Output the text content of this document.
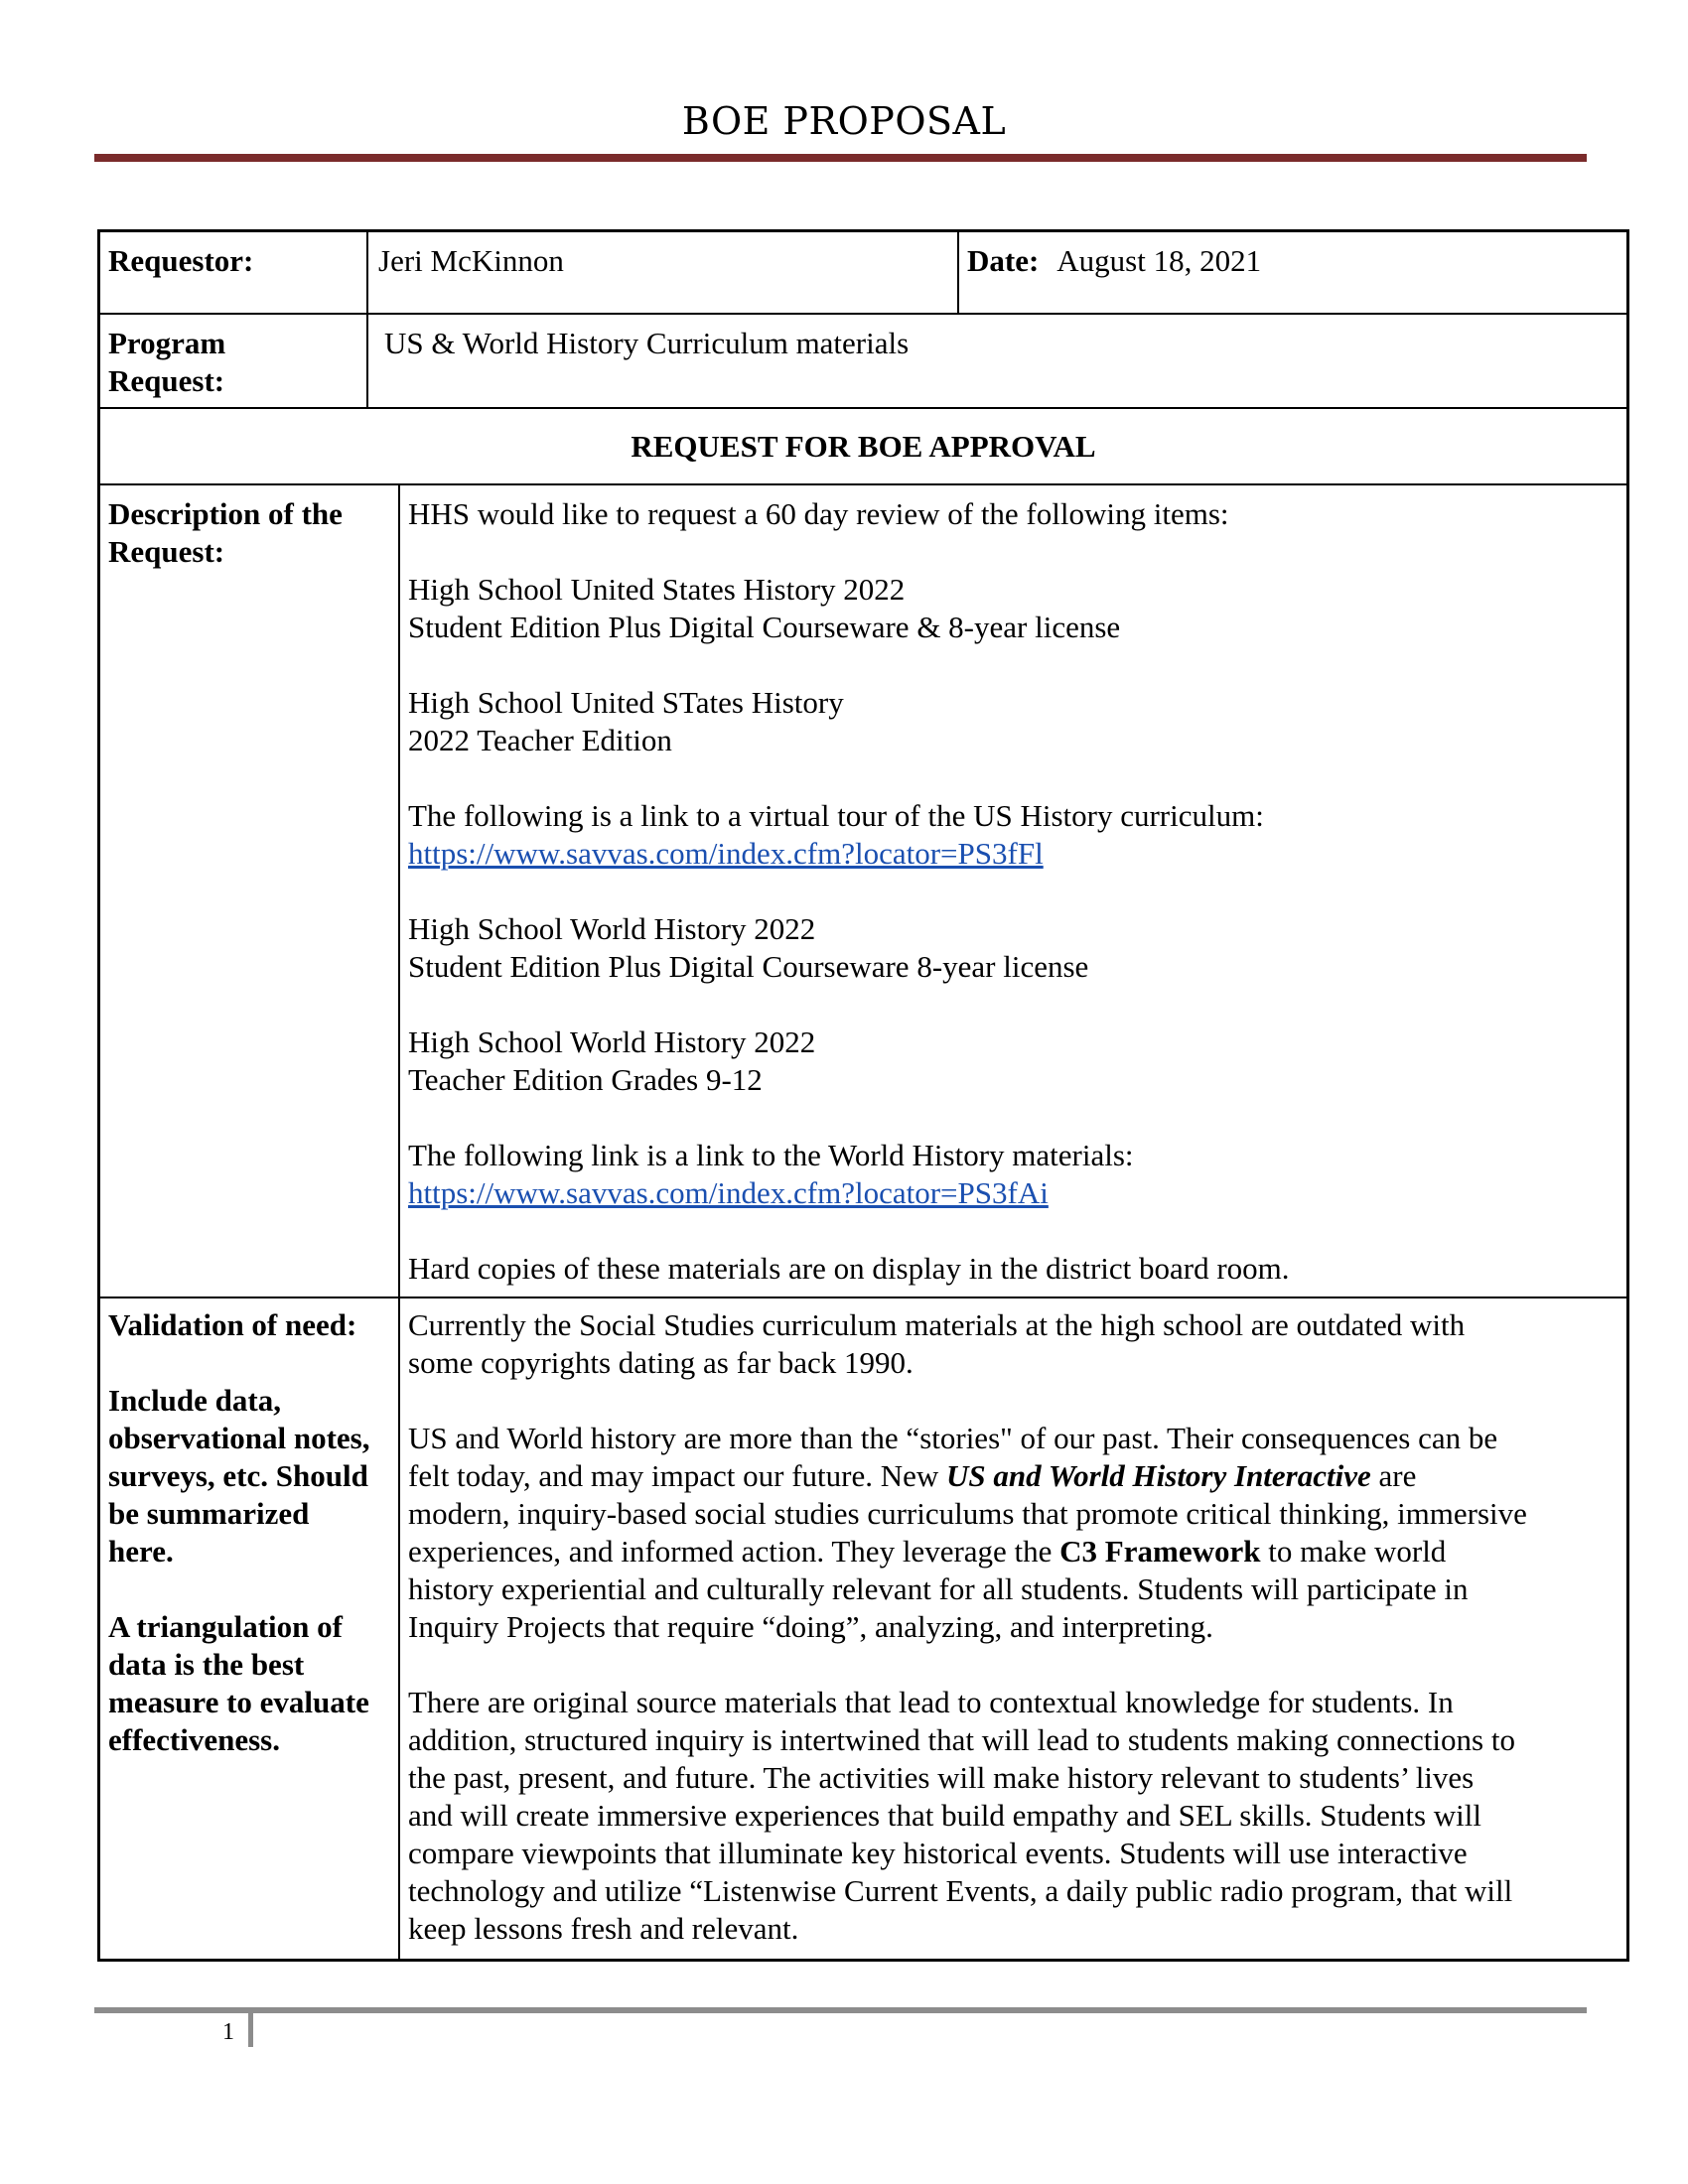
BOE PROPOSAL
Requestor:	Jeri McKinnon	Date: August 18, 2021
Program
Request:
US & World History Curriculum materials
REQUEST FOR BOE APPROVAL
Description of the
Request:
HHS would like to request a 60 day review of the following items:
High School United States History 2022
Student Edition Plus Digital Courseware & 8-year license
High School United STates History
2022 Teacher Edition
The following is a link to a virtual tour of the US History curriculum:
https://www.savvas.com/index.cfm?locator=PS3fFl
High School World History 2022
Student Edition Plus Digital Courseware 8-year license
High School World History 2022
Teacher Edition Grades 9-12
The following link is a link to the World History materials:
https://www.savvas.com/index.cfm?locator=PS3fAi
Hard copies of these materials are on display in the district board room.
Validation of need:
Include data,
observational notes,
surveys, etc. Should
be summarized
here.
A triangulation of
data is the best
measure to evaluate
effectiveness.
Currently the Social Studies curriculum materials at the high school are outdated with
some copyrights dating as far back 1990.
US and World history are more than the “stories" of our past. Their consequences can be
felt today, and may impact our future. New US and World History Interactive are
modern, inquiry-based social studies curriculums that promote critical thinking, immersive
experiences, and informed action. They leverage the C3 Framework to make world
history experiential and culturally relevant for all students. Students will participate in
Inquiry Projects that require “doing”, analyzing, and interpreting.
There are original source materials that lead to contextual knowledge for students. In
addition, structured inquiry is intertwined that will lead to students making connections to
the past, present, and future. The activities will make history relevant to students’ lives
and will create immersive experiences that build empathy and SEL skills. Students will
compare viewpoints that illuminate key historical events. Students will use interactive
technology and utilize “Listenwise Current Events, a daily public radio program, that will
keep lessons fresh and relevant.
1
